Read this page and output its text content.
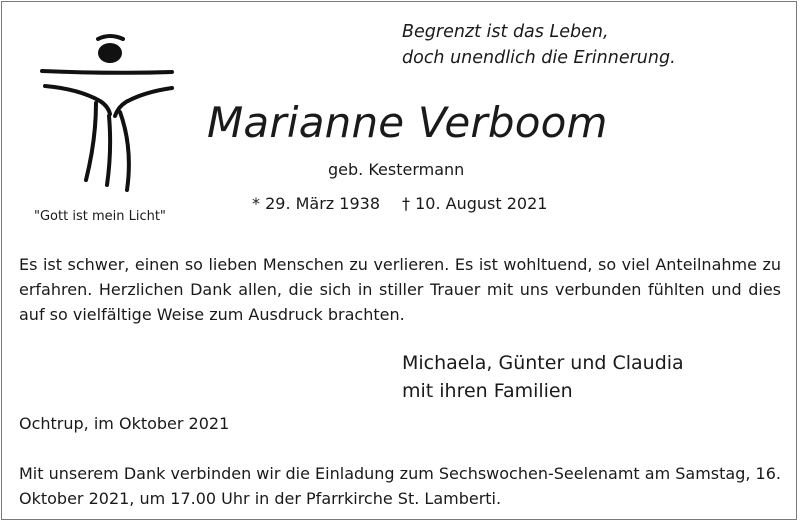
Begrenzt ist das Leben,
doch unendlich die Erinnerung.
"Gott ist mein Licht"
Marianne Verboom
geb. Kestermann
* 29. März 1938 † 10. August 2021
Es ist schwer, einen so lieben Menschen zu verlieren. Es ist wohltuend, so viel Anteilnahme zu erfahren. Herzlichen Dank allen, die sich in stiller Trauer mit uns verbunden fühlten und dies auf so vielfältige Weise zum Ausdruck brachten.
Michaela, Günter und Claudia
mit ihren Familien
Ochtrup, im Oktober 2021
Mit unserem Dank verbinden wir die Einladung zum Sechswochen-Seelenamt am Samstag, 16. Oktober 2021, um 17.00 Uhr in der Pfarrkirche St. Lamberti.
